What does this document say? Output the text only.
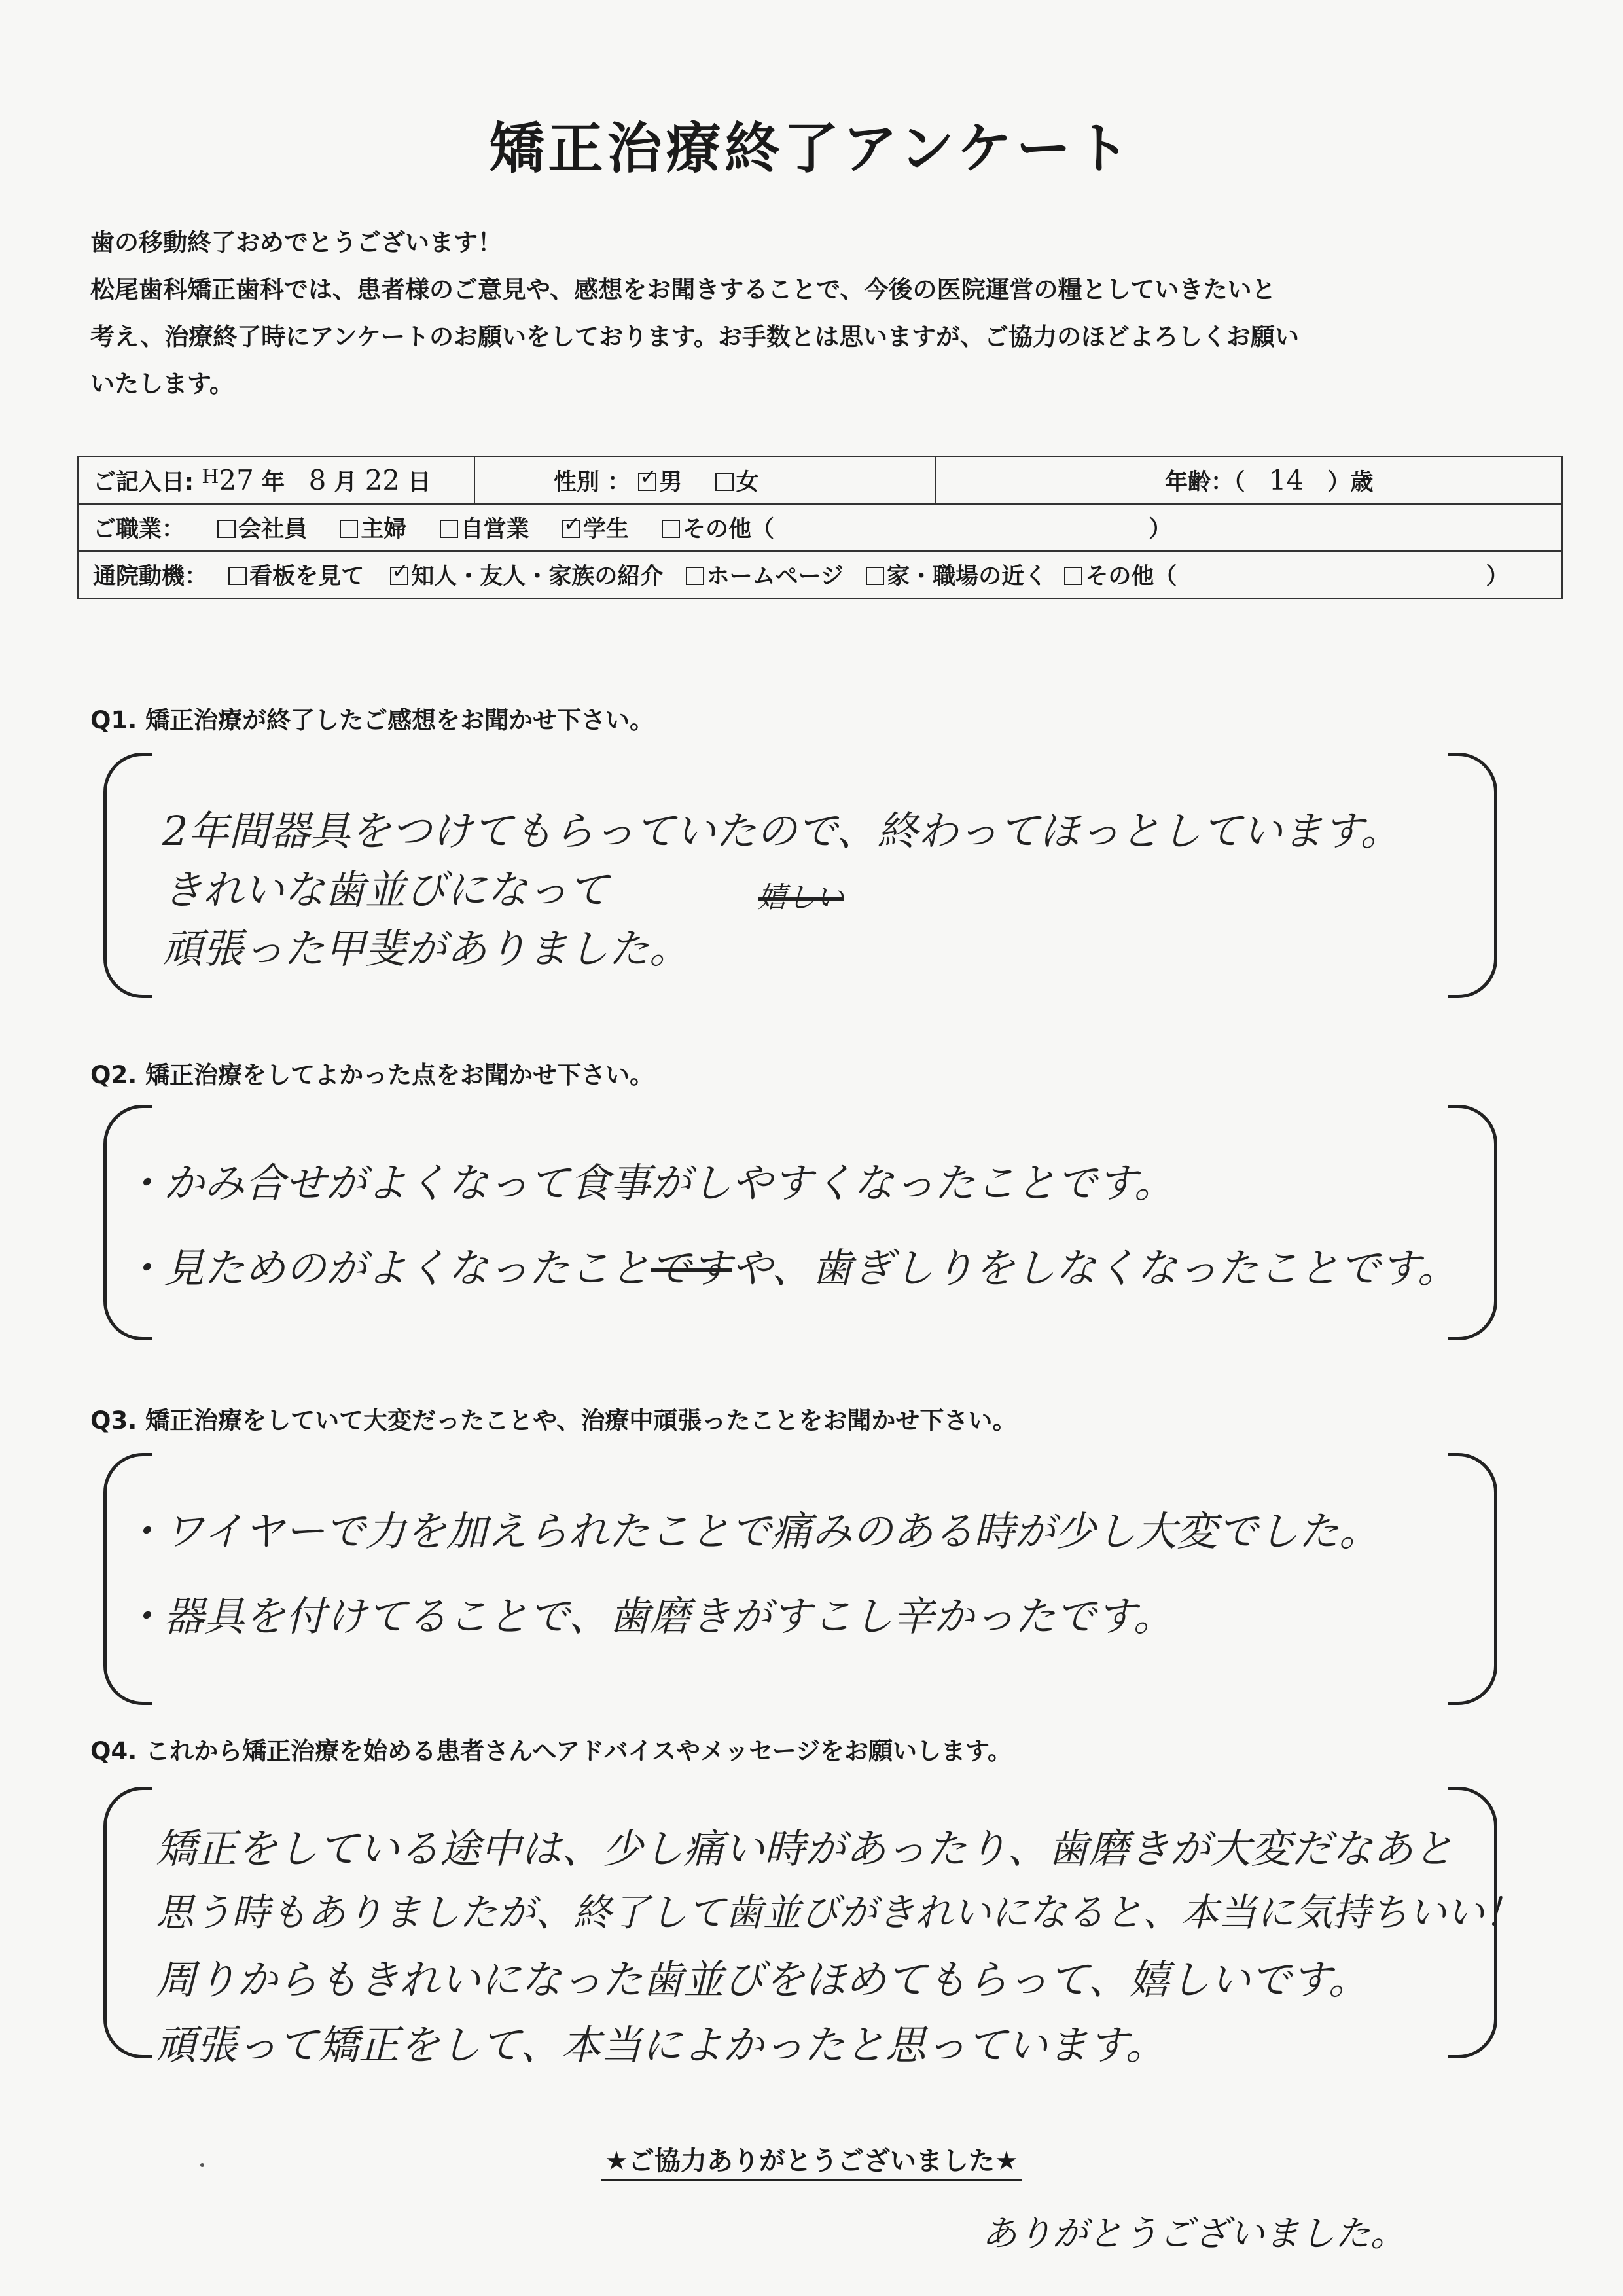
矯正治療終了アンケート
歯の移動終了おめでとうございます！
松尾歯科矯正歯科では、患者様のご意見や、感想をお聞きすることで、今後の医院運営の糧としていきたいと
考え、治療終了時にアンケートのお願いをしております。お手数とは思いますが、ご協力のほどよろしくお願い
いたします。
ご記入日: H27 年 8 月 22 日	性別 ： ✓ 男 女	年齢：（ 14 ）歳
ご職業： 会社員 主婦 自営業 ✓ 学生 その他（	）
通院動機： 看板を見て ✓ 知人・友人・家族の紹介 ホームページ 家・職場の近く その他（	）
Q1. 矯正治療が終了したご感想をお聞かせ下さい。
2年間器具をつけてもらっていたので、終わってほっとしています。
きれいな歯並びになって	嬉しい
頑張った甲斐がありました。
Q2. 矯正治療をしてよかった点をお聞かせ下さい。
・かみ合せがよくなって食事がしやすくなったことです。
・見ためのがよくなったことですや、歯ぎしりをしなくなったことです。
Q3. 矯正治療をしていて大変だったことや、治療中頑張ったことをお聞かせ下さい。
・ワイヤーで力を加えられたことで痛みのある時が少し大変でした。
・器具を付けてることで、歯磨きがすこし辛かったです。
Q4. これから矯正治療を始める患者さんへアドバイスやメッセージをお願いします。
矯正をしている途中は、少し痛い時があったり、歯磨きが大変だなあと
思う時もありましたが、終了して歯並びがきれいになると、本当に気持ちいい！
周りからもきれいになった歯並びをほめてもらって、嬉しいです。
頑張って矯正をして、本当によかったと思っています。
★ご協力ありがとうございました★
ありがとうございました。
